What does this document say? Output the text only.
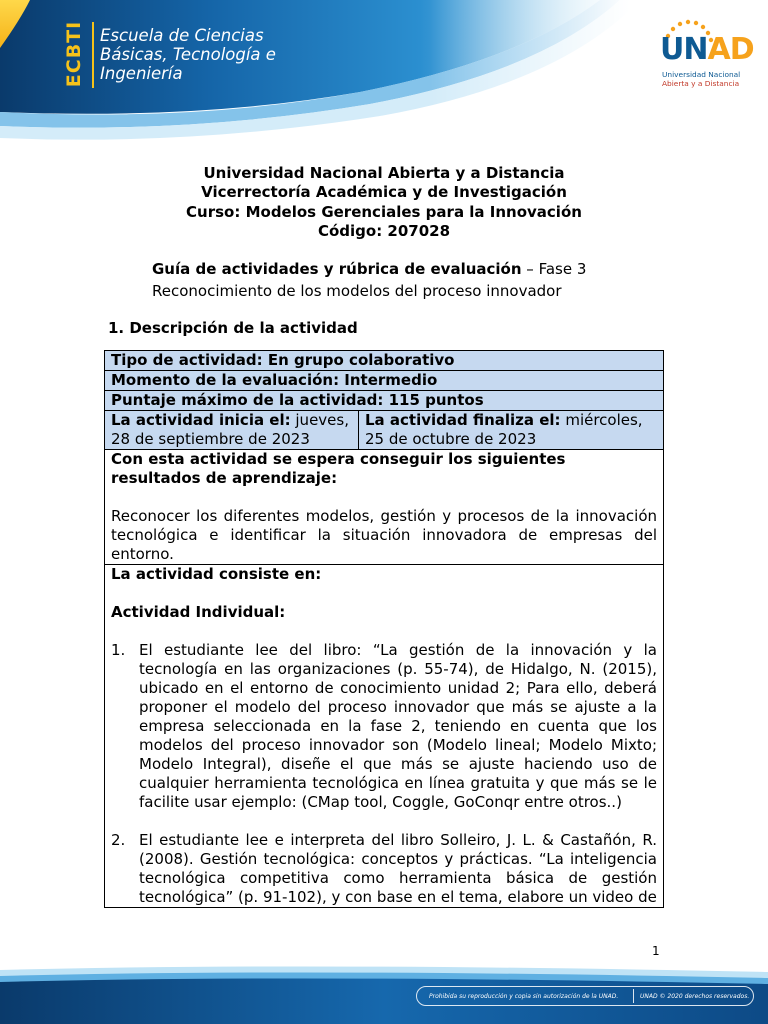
ECBTI Escuela de Ciencias
Básicas, Tecnología e
Ingeniería
UNAD
Universidad Nacional
Abierta y a Distancia
Universidad Nacional Abierta y a Distancia
Vicerrectoría Académica y de Investigación
Curso: Modelos Gerenciales para la Innovación
Código: 207028
Guía de actividades y rúbrica de evaluación – Fase 3
Reconocimiento de los modelos del proceso innovador
1. Descripción de la actividad
Tipo de actividad: En grupo colaborativo
Momento de la evaluación: Intermedio
Puntaje máximo de la actividad: 115 puntos
La actividad inicia el: jueves, 28 de septiembre de 2023
La actividad finaliza el: miércoles, 25 de octubre de 2023
Con esta actividad se espera conseguir los siguientes resultados de aprendizaje:
Reconocer los diferentes modelos, gestión y procesos de la innovación tecnológica e identificar la situación innovadora de empresas del entorno.
La actividad consiste en:
Actividad Individual:
1. El estudiante lee del libro: “La gestión de la innovación y la tecnología en las organizaciones (p. 55-74), de Hidalgo, N. (2015), ubicado en el entorno de conocimiento unidad 2; Para ello, deberá proponer el modelo del proceso innovador que más se ajuste a la empresa seleccionada en la fase 2, teniendo en cuenta que los modelos del proceso innovador son (Modelo lineal; Modelo Mixto; Modelo Integral), diseñe el que más se ajuste haciendo uso de cualquier herramienta tecnológica en línea gratuita y que más se le facilite usar ejemplo: (CMap tool, Coggle, GoConqr entre otros..)
2. El estudiante lee e interpreta del libro Solleiro, J. L. & Castañón, R. (2008). Gestión tecnológica: conceptos y prácticas. “La inteligencia tecnológica competitiva como herramienta básica de gestión tecnológica” (p. 91-102), y con base en el tema, elabore un video de
1
Prohibida su reproducción y copia sin autorización de la UNAD.	UNAD © 2020 derechos reservados.
